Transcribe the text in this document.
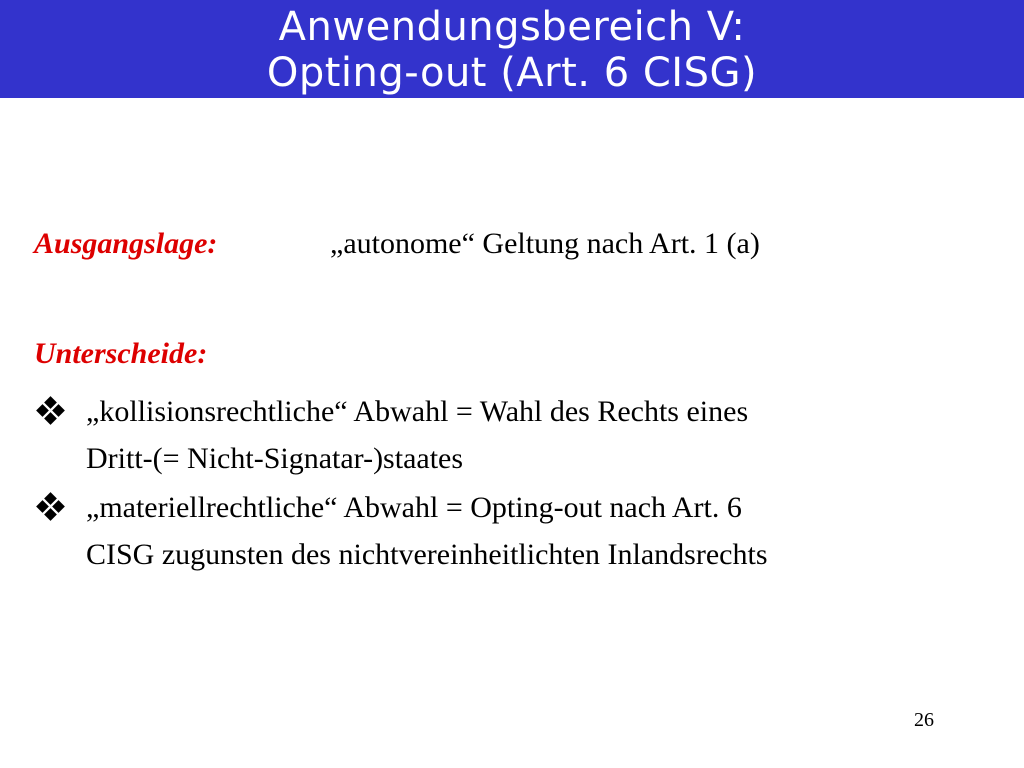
Anwendungsbereich V:
Opting-out (Art. 6 CISG)
Ausgangslage:	„autonome“ Geltung nach Art. 1 (a)
Unterscheide:
„kollisionsrechtliche“ Abwahl = Wahl des Rechts eines
Dritt-(= Nicht-Signatar-)staates
„materiellrechtliche“ Abwahl = Opting-out nach Art. 6
CISG zugunsten des nichtvereinheitlichten Inlandsrechts
26
